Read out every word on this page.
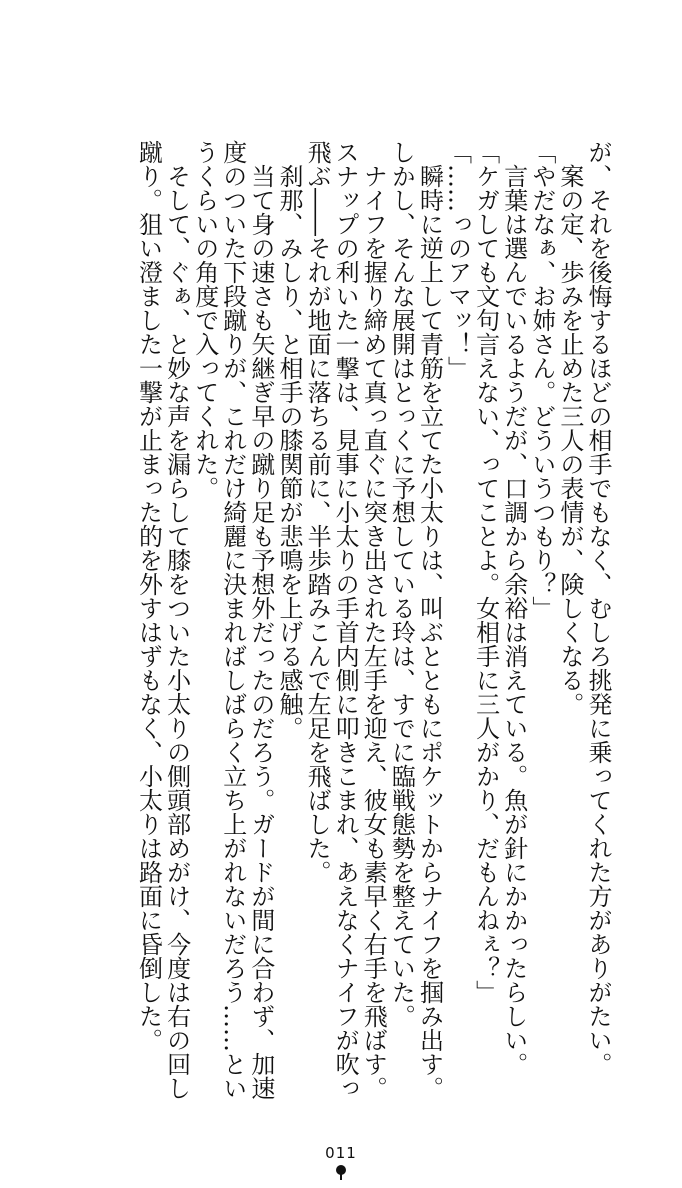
が、それを後悔するほどの相手でもなく、むしろ挑発に乗ってくれた方がありがたい。
　案の定、歩みを止めた三人の表情が、険しくなる。
「やだなぁ、お姉さん。どういうつもり？」
　言葉は選んでいるようだが、口調から余裕は消えている。魚が針にかかったらしい。
「ケガしても文句言えない、ってことよ。女相手に三人がかり、だもんねぇ？」
「……っのアマッ！」
　瞬時に逆上して青筋を立てた小太りは、叫ぶとともにポケットからナイフを掴み出す。
しかし、そんな展開はとっくに予想している玲は、すでに臨戦態勢を整えていた。
　ナイフを握り締めて真っ直ぐに突き出された左手を迎え、彼女も素早く右手を飛ばす。
スナップの利いた一撃は、見事に小太りの手首内側に叩きこまれ、あえなくナイフが吹っ
飛ぶ――それが地面に落ちる前に、半歩踏みこんで左足を飛ばした。
　刹那、みしり、と相手の膝関節が悲鳴を上げる感触。
　当て身の速さも矢継ぎ早の蹴り足も予想外だったのだろう。ガードが間に合わず、加速
度のついた下段蹴りが、これだけ綺麗に決まればしばらく立ち上がれないだろう……とい
うくらいの角度で入ってくれた。
　そして、ぐぁ、と妙な声を漏らして膝をついた小太りの側頭部めがけ、今度は右の回し
蹴り。狙い澄ました一撃が止まった的を外すはずもなく、小太りは路面に昏倒した。
011
